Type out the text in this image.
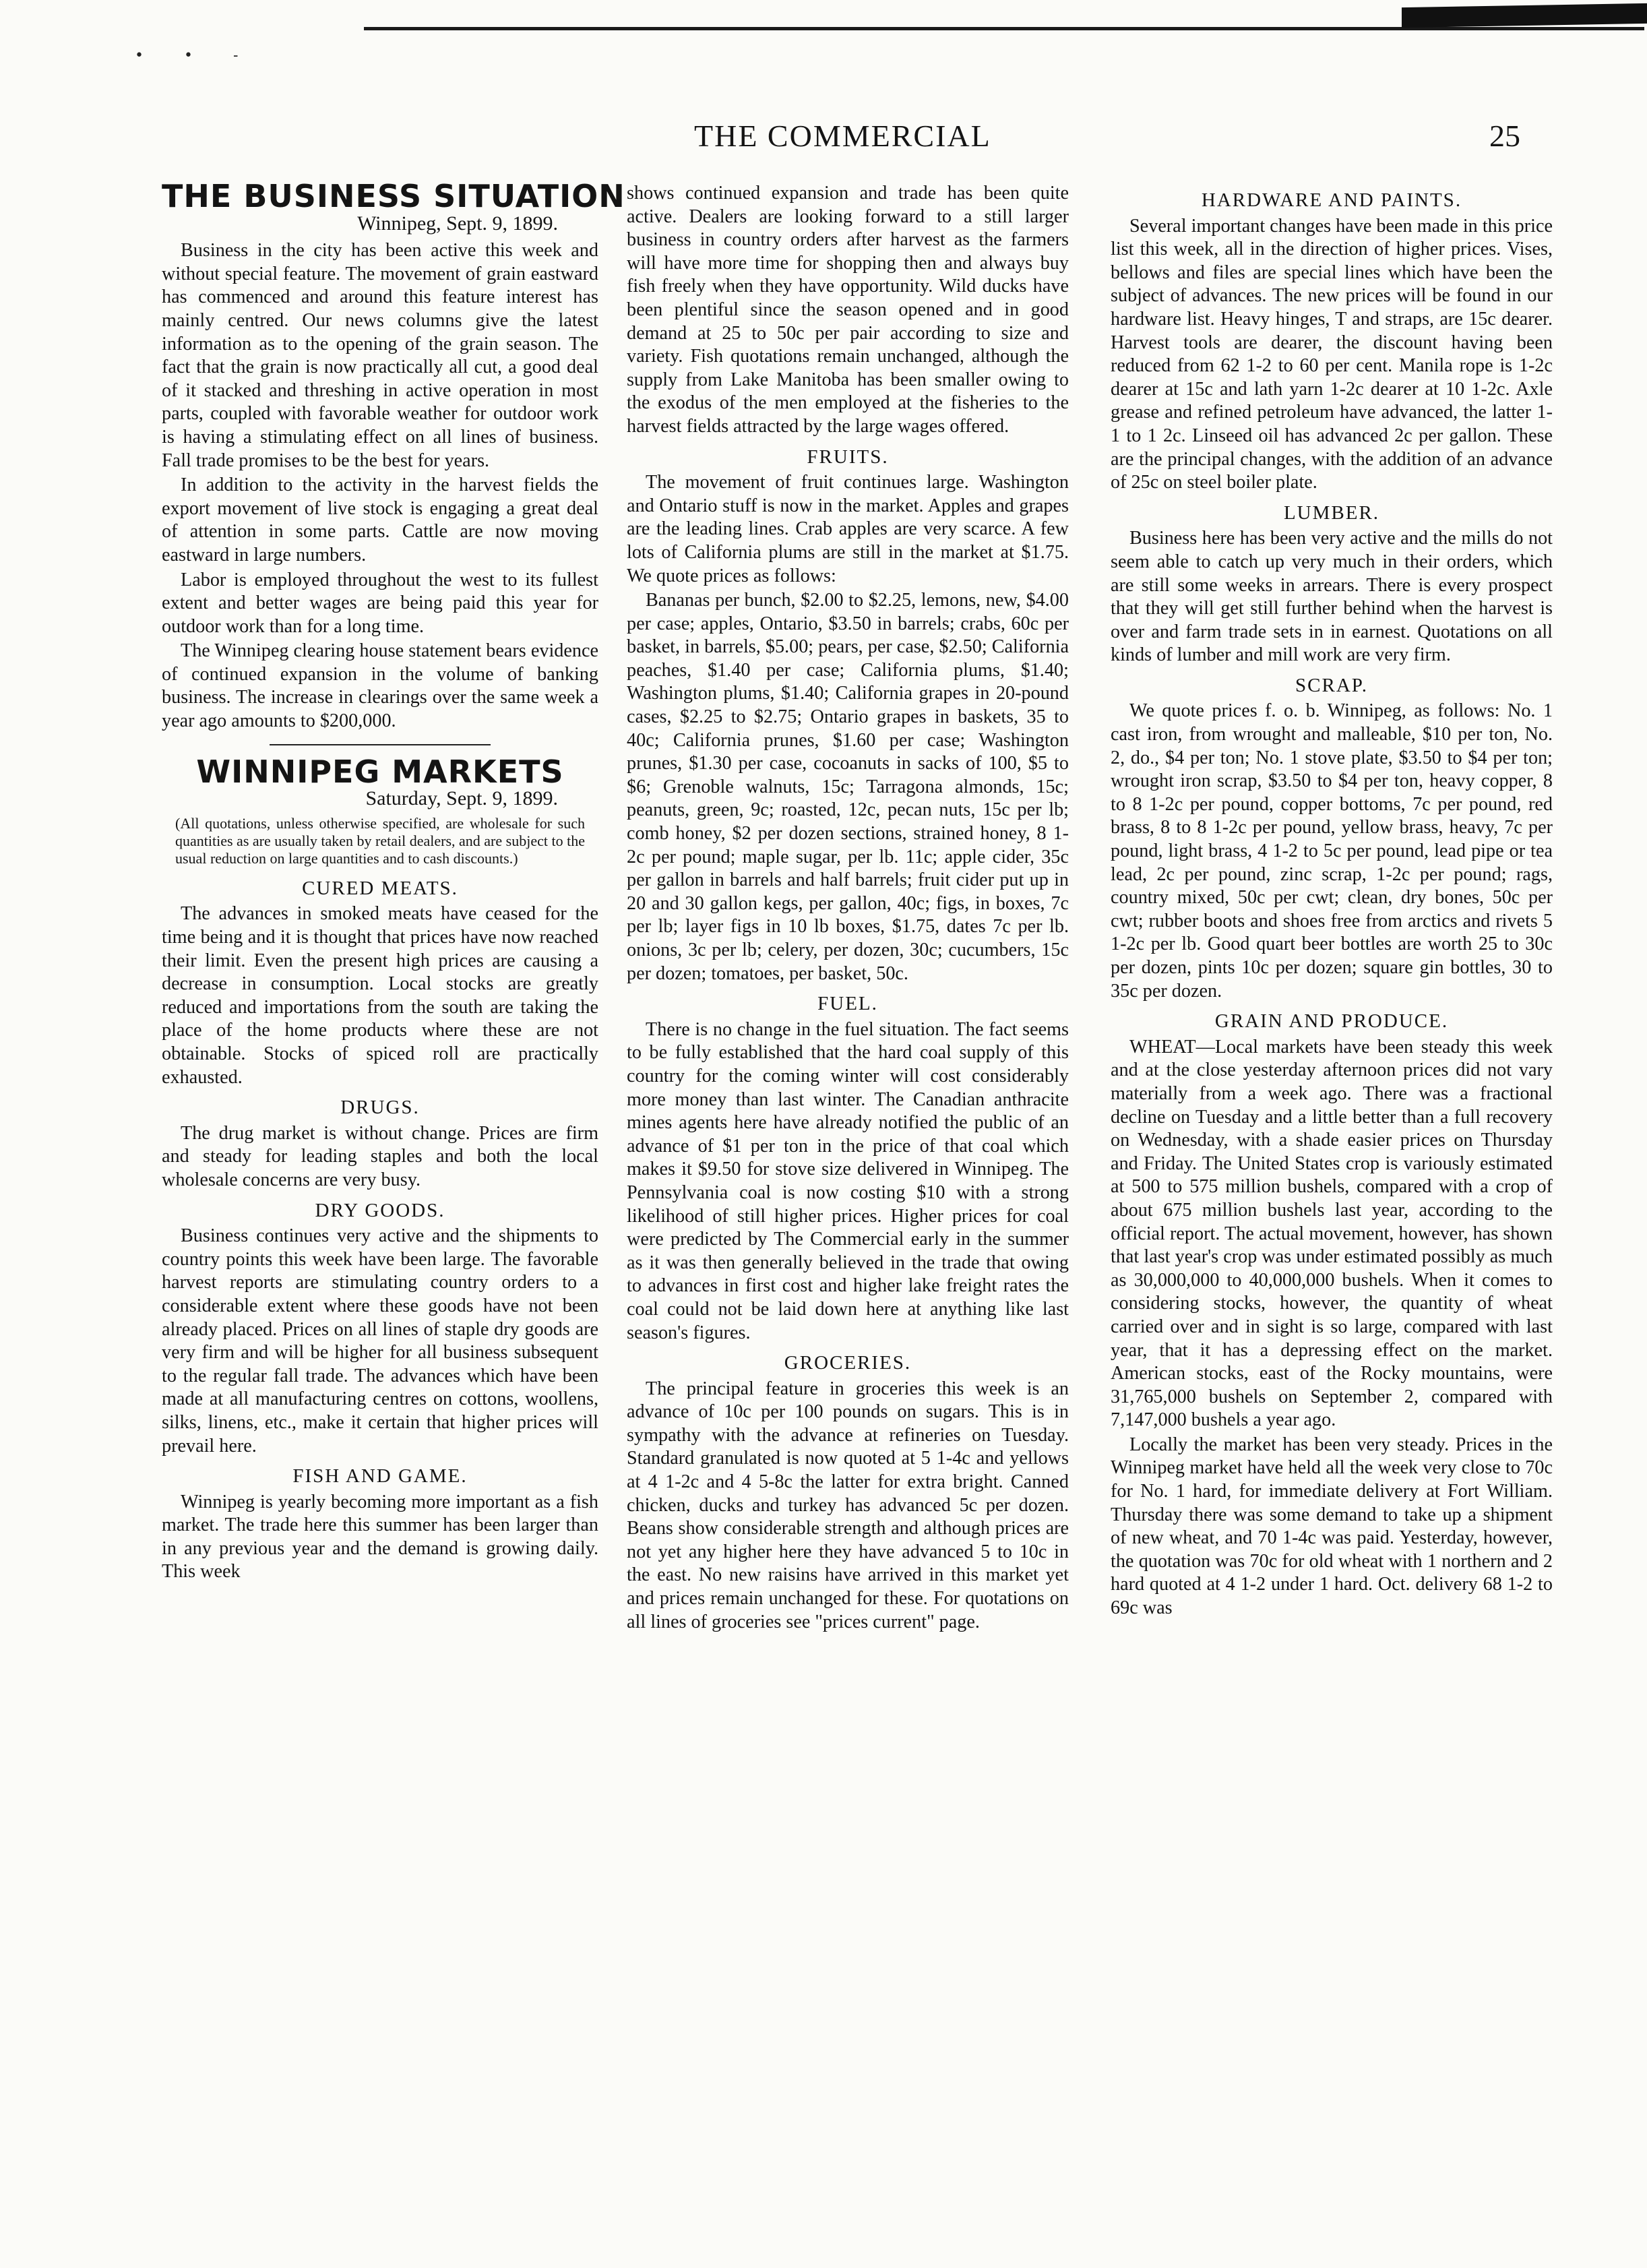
••-
THE COMMERCIAL	25
THE BUSINESS SITUATION
Winnipeg, Sept. 9, 1899.

Business in the city has been active this week and without special feature. The movement of grain eastward has commenced and around this feature interest has mainly centred. Our news columns give the latest information as to the opening of the grain season. The fact that the grain is now practically all cut, a good deal of it stacked and threshing in active operation in most parts, coupled with favorable weather for outdoor work is having a stimulating effect on all lines of business. Fall trade promises to be the best for years.

In addition to the activity in the harvest fields the export movement of live stock is engaging a great deal of attention in some parts. Cattle are now moving eastward in large numbers.

Labor is employed throughout the west to its fullest extent and better wages are being paid this year for outdoor work than for a long time.

The Winnipeg clearing house statement bears evidence of continued expansion in the volume of banking business. The increase in clearings over the same week a year ago amounts to $200,000.

WINNIPEG MARKETS
Saturday, Sept. 9, 1899.
(All quotations, unless otherwise specified, are wholesale for such quantities as are usually taken by retail dealers, and are subject to the usual reduction on large quantities and to cash discounts.)
CURED MEATS.

The advances in smoked meats have ceased for the time being and it is thought that prices have now reached their limit. Even the present high prices are causing a decrease in consumption. Local stocks are greatly reduced and importations from the south are taking the place of the home products where these are not obtainable. Stocks of spiced roll are practically exhausted.

DRUGS.

The drug market is without change. Prices are firm and steady for leading staples and both the local wholesale concerns are very busy.

DRY GOODS.

Business continues very active and the shipments to country points this week have been large. The favorable harvest reports are stimulating country orders to a considerable extent where these goods have not been already placed. Prices on all lines of staple dry goods are very firm and will be higher for all business subsequent to the regular fall trade. The advances which have been made at all manufacturing centres on cottons, woollens, silks, linens, etc., make it certain that higher prices will prevail here.

FISH AND GAME.

Winnipeg is yearly becoming more important as a fish market. The trade here this summer has been larger than in any previous year and the demand is growing daily. This week

shows continued expansion and trade has been quite active. Dealers are looking forward to a still larger business in country orders after harvest as the farmers will have more time for shopping then and always buy fish freely when they have opportunity. Wild ducks have been plentiful since the season opened and in good demand at 25 to 50c per pair according to size and variety. Fish quotations remain unchanged, although the supply from Lake Manitoba has been smaller owing to the exodus of the men employed at the fisheries to the harvest fields attracted by the large wages offered.

FRUITS.

The movement of fruit continues large. Washington and Ontario stuff is now in the market. Apples and grapes are the leading lines. Crab apples are very scarce. A few lots of California plums are still in the market at $1.75. We quote prices as follows:

Bananas per bunch, $2.00 to $2.25, lemons, new, $4.00 per case; apples, Ontario, $3.50 in barrels; crabs, 60c per basket, in barrels, $5.00; pears, per case, $2.50; California peaches, $1.40 per case; California plums, $1.40; Washington plums, $1.40; California grapes in 20-pound cases, $2.25 to $2.75; Ontario grapes in baskets, 35 to 40c; California prunes, $1.60 per case; Washington prunes, $1.30 per case, cocoanuts in sacks of 100, $5 to $6; Grenoble walnuts, 15c; Tarragona almonds, 15c; peanuts, green, 9c; roasted, 12c, pecan nuts, 15c per lb; comb honey, $2 per dozen sections, strained honey, 8 1-2c per pound; maple sugar, per lb. 11c; apple cider, 35c per gallon in barrels and half barrels; fruit cider put up in 20 and 30 gallon kegs, per gallon, 40c; figs, in boxes, 7c per lb; layer figs in 10 lb boxes, $1.75, dates 7c per lb. onions, 3c per lb; celery, per dozen, 30c; cucumbers, 15c per dozen; tomatoes, per basket, 50c.

FUEL.

There is no change in the fuel situation. The fact seems to be fully established that the hard coal supply of this country for the coming winter will cost considerably more money than last winter. The Canadian anthracite mines agents here have already notified the public of an advance of $1 per ton in the price of that coal which makes it $9.50 for stove size delivered in Winnipeg. The Pennsylvania coal is now costing $10 with a strong likelihood of still higher prices. Higher prices for coal were predicted by The Commercial early in the summer as it was then generally believed in the trade that owing to advances in first cost and higher lake freight rates the coal could not be laid down here at anything like last season's figures.

GROCERIES.

The principal feature in groceries this week is an advance of 10c per 100 pounds on sugars. This is in sympathy with the advance at refineries on Tuesday. Standard granulated is now quoted at 5 1-4c and yellows at 4 1-2c and 4 5-8c the latter for extra bright. Canned chicken, ducks and turkey has advanced 5c per dozen. Beans show considerable strength and although prices are not yet any higher here they have advanced 5 to 10c in the east. No new raisins have arrived in this market yet and prices remain unchanged for these. For quotations on all lines of groceries see "prices current" page.

HARDWARE AND PAINTS.

Several important changes have been made in this price list this week, all in the direction of higher prices. Vises, bellows and files are special lines which have been the subject of advances. The new prices will be found in our hardware list. Heavy hinges, T and straps, are 15c dearer. Harvest tools are dearer, the discount having been reduced from 62 1-2 to 60 per cent. Manila rope is 1-2c dearer at 15c and lath yarn 1-2c dearer at 10 1-2c. Axle grease and refined petroleum have advanced, the latter 1-1 to 1 2c. Linseed oil has advanced 2c per gallon. These are the principal changes, with the addition of an advance of 25c on steel boiler plate.

LUMBER.

Business here has been very active and the mills do not seem able to catch up very much in their orders, which are still some weeks in arrears. There is every prospect that they will get still further behind when the harvest is over and farm trade sets in in earnest. Quotations on all kinds of lumber and mill work are very firm.

SCRAP.

We quote prices f. o. b. Winnipeg, as follows: No. 1 cast iron, from wrought and malleable, $10 per ton, No. 2, do., $4 per ton; No. 1 stove plate, $3.50 to $4 per ton; wrought iron scrap, $3.50 to $4 per ton, heavy copper, 8 to 8 1-2c per pound, copper bottoms, 7c per pound, red brass, 8 to 8 1-2c per pound, yellow brass, heavy, 7c per pound, light brass, 4 1-2 to 5c per pound, lead pipe or tea lead, 2c per pound, zinc scrap, 1-2c per pound; rags, country mixed, 50c per cwt; clean, dry bones, 50c per cwt; rubber boots and shoes free from arctics and rivets 5 1-2c per lb. Good quart beer bottles are worth 25 to 30c per dozen, pints 10c per dozen; square gin bottles, 30 to 35c per dozen.

GRAIN AND PRODUCE.

WHEAT—Local markets have been steady this week and at the close yesterday afternoon prices did not vary materially from a week ago. There was a fractional decline on Tuesday and a little better than a full recovery on Wednesday, with a shade easier prices on Thursday and Friday. The United States crop is variously estimated at 500 to 575 million bushels, compared with a crop of about 675 million bushels last year, according to the official report. The actual movement, however, has shown that last year's crop was under estimated possibly as much as 30,000,000 to 40,000,000 bushels. When it comes to considering stocks, however, the quantity of wheat carried over and in sight is so large, compared with last year, that it has a depressing effect on the market. American stocks, east of the Rocky mountains, were 31,765,000 bushels on September 2, compared with 7,147,000 bushels a year ago.

Locally the market has been very steady. Prices in the Winnipeg market have held all the week very close to 70c for No. 1 hard, for immediate delivery at Fort William. Thursday there was some demand to take up a shipment of new wheat, and 70 1-4c was paid. Yesterday, however, the quotation was 70c for old wheat with 1 northern and 2 hard quoted at 4 1-2 under 1 hard. Oct. delivery 68 1-2 to 69c was
